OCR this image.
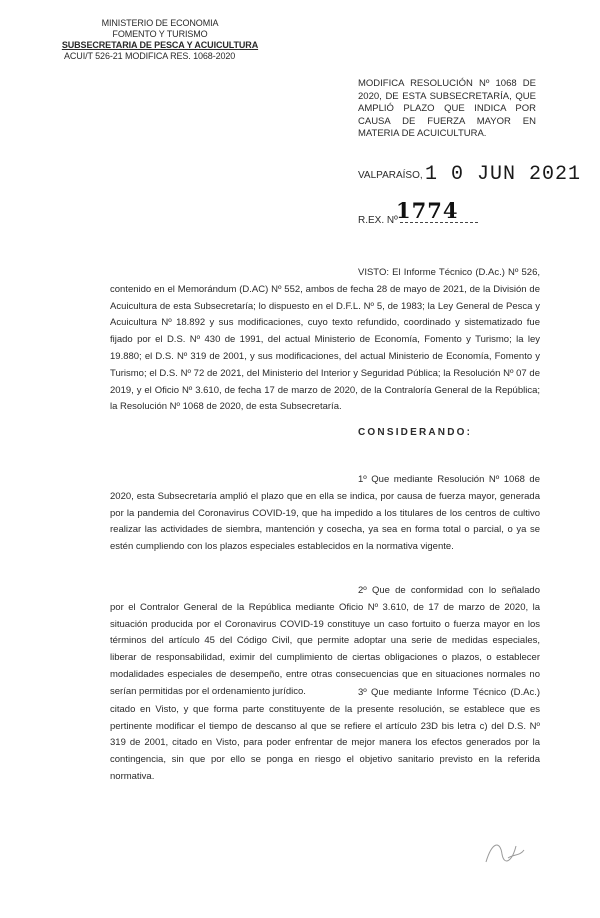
MINISTERIO DE ECONOMIA
FOMENTO Y TURISMO
SUBSECRETARIA DE PESCA Y ACUICULTURA
ACUI/T 526-21 MODIFICA RES. 1068-2020
MODIFICA RESOLUCIÓN Nº 1068 DE 2020, DE ESTA SUBSECRETARÍA, QUE AMPLIÓ PLAZO QUE INDICA POR CAUSA DE FUERZA MAYOR EN MATERIA DE ACUICULTURA.
VALPARAÍSO, 1 0 JUN 2021
R.EX. Nº
1774
VISTO: El Informe Técnico (D.Ac.) Nº 526, contenido en el Memorándum (D.AC) Nº 552, ambos de fecha 28 de mayo de 2021, de la División de Acuicultura de esta Subsecretaría; lo dispuesto en el D.F.L. Nº 5, de 1983; la Ley General de Pesca y Acuicultura Nº 18.892 y sus modificaciones, cuyo texto refundido, coordinado y sistematizado fue fijado por el D.S. Nº 430 de 1991, del actual Ministerio de Economía, Fomento y Turismo; la ley 19.880; el D.S. Nº 319 de 2001, y sus modificaciones, del actual Ministerio de Economía, Fomento y Turismo; el D.S. Nº 72 de 2021, del Ministerio del Interior y Seguridad Pública; la Resolución Nº 07 de 2019, y el Oficio Nº 3.610, de fecha 17 de marzo de 2020, de la Contraloría General de la República; la Resolución Nº 1068 de 2020, de esta Subsecretaría.
CONSIDERANDO:
1º Que mediante Resolución Nº 1068 de 2020, esta Subsecretaría amplió el plazo que en ella se indica, por causa de fuerza mayor, generada por la pandemia del Coronavirus COVID-19, que ha impedido a los titulares de los centros de cultivo realizar las actividades de siembra, mantención y cosecha, ya sea en forma total o parcial, o ya se estén cumpliendo con los plazos especiales establecidos en la normativa vigente.
2º Que de conformidad con lo señalado por el Contralor General de la República mediante Oficio Nº 3.610, de 17 de marzo de 2020, la situación producida por el Coronavirus COVID-19 constituye un caso fortuito o fuerza mayor en los términos del artículo 45 del Código Civil, que permite adoptar una serie de medidas especiales, liberar de responsabilidad, eximir del cumplimiento de ciertas obligaciones o plazos, o establecer modalidades especiales de desempeño, entre otras consecuencias que en situaciones normales no serían permitidas por el ordenamiento jurídico.	3º Que mediante Informe Técnico (D.Ac.) citado en Visto, y que forma parte constituyente de la presente resolución, se establece que es pertinente modificar el tiempo de descanso al que se refiere el artículo 23D bis letra c) del D.S. Nº 319 de 2001, citado en Visto, para poder enfrentar de mejor manera los efectos generados por la contingencia, sin que por ello se ponga en riesgo el objetivo sanitario previsto en la referida normativa.
